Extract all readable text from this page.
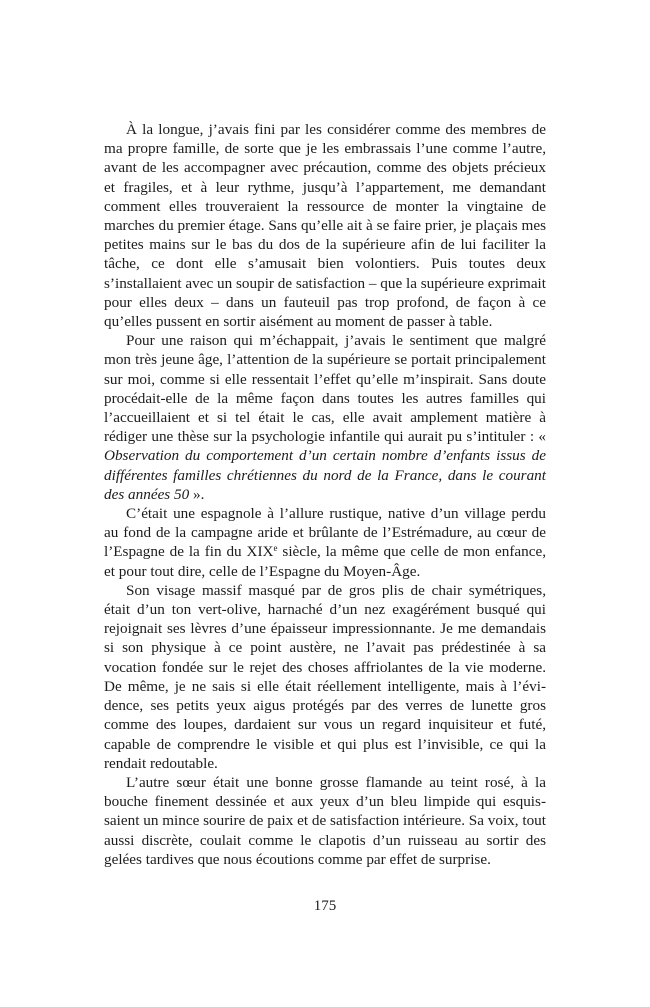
À la longue, j’avais fini par les considérer comme des membres de ma propre famille, de sorte que je les embrassais l’une comme l’autre, avant de les accompagner avec précaution, comme des objets précieux et fragiles, et à leur rythme, jusqu’à l’appartement, me demandant comment elles trouveraient la ressource de monter la vingtaine de marches du premier étage. Sans qu’elle ait à se faire prier, je plaçais mes petites mains sur le bas du dos de la supérieure afin de lui faciliter la tâche, ce dont elle s’amusait bien volontiers. Puis toutes deux s’installaient avec un soupir de satisfaction – que la supérieure exprimait pour elles deux – dans un fauteuil pas trop profond, de façon à ce qu’elles pussent en sortir aisément au moment de passer à table.

Pour une raison qui m’échappait, j’avais le sentiment que malgré mon très jeune âge, l’attention de la supérieure se portait principalement sur moi, comme si elle ressentait l’effet qu’elle m’inspirait. Sans doute procédait-elle de la même façon dans toutes les autres familles qui l’accueillaient et si tel était le cas, elle avait amplement matière à rédiger une thèse sur la psychologie infantile qui aurait pu s’intituler : « Observation du comportement d’un certain nombre d’enfants issus de différentes familles chrétiennes du nord de la France, dans le courant des années 50 ».

C’était une espagnole à l’allure rustique, native d’un village perdu au fond de la campagne aride et brûlante de l’Estrémadure, au cœur de l’Espagne de la fin du XIXe siècle, la même que celle de mon enfance, et pour tout dire, celle de l’Espagne du Moyen-Âge.

Son visage massif masqué par de gros plis de chair symétriques, était d’un ton vert-olive, harnaché d’un nez exagérément busqué qui rejoignait ses lèvres d’une épaisseur impressionnante. Je me demandais si son physique à ce point austère, ne l’avait pas prédestinée à sa vocation fondée sur le rejet des choses affriolantes de la vie moderne. De même, je ne sais si elle était réellement intelligente, mais à l’évidence, ses petits yeux aigus protégés par des verres de lunette gros comme des loupes, dardaient sur vous un regard inquisiteur et futé, capable de comprendre le visible et qui plus est l’invisible, ce qui la rendait redoutable.

L’autre sœur était une bonne grosse flamande au teint rosé, à la bouche finement dessinée et aux yeux d’un bleu limpide qui esquissaient un mince sourire de paix et de satisfaction intérieure. Sa voix, tout aussi discrète, coulait comme le clapotis d’un ruisseau au sortir des gelées tardives que nous écoutions comme par effet de surprise.

175
